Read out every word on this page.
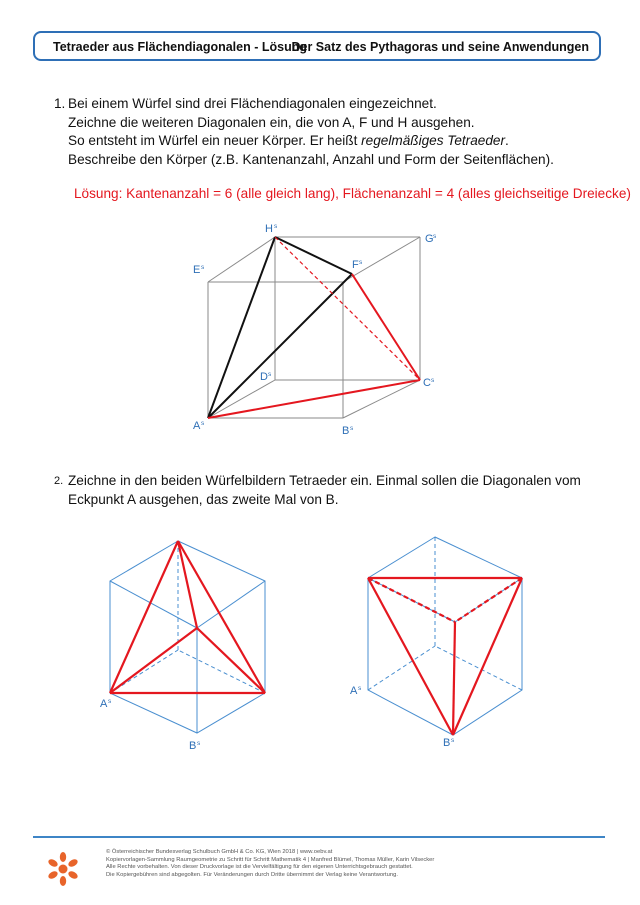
Tetraeder aus Flächendiagonalen - Lösung
Der Satz des Pythagoras und seine Anwendungen
1. Bei einem Würfel sind drei Flächendiagonalen eingezeichnet.
Zeichne die weiteren Diagonalen ein, die von A, F und H ausgehen.
So entsteht im Würfel ein neuer Körper. Er heißt regelmäßiges Tetraeder.
Beschreibe den Körper (z.B. Kantenanzahl, Anzahl und Form der Seitenflächen).
Lösung: Kantenanzahl = 6 (alle gleich lang), Flächenanzahl = 4 (alles gleichseitige Dreiecke)
H s
G s
E s	F s
D s
C s
A s
B s
A s
B s
A s
B s
2. Zeichne in den beiden Würfelbildern Tetraeder ein. Einmal sollen die Diagonalen vom
Eckpunkt A ausgehen, das zweite Mal von B.
© Österreichischer Bundesverlag Schulbuch GmbH & Co. KG, Wien 2018 | www.oebv.at
Kopiervorlagen-Sammlung Raumgeometrie zu Schritt für Schritt Mathematik 4 | Manfred Blümel, Thomas Müller, Karin Vilsecker
Alle Rechte vorbehalten. Von dieser Druckvorlage ist die Vervielfältigung für den eigenen Unterrichtsgebrauch gestattet.
Die Kopiergebühren sind abgegolten. Für Veränderungen durch Dritte übernimmt der Verlag keine Verantwortung.
